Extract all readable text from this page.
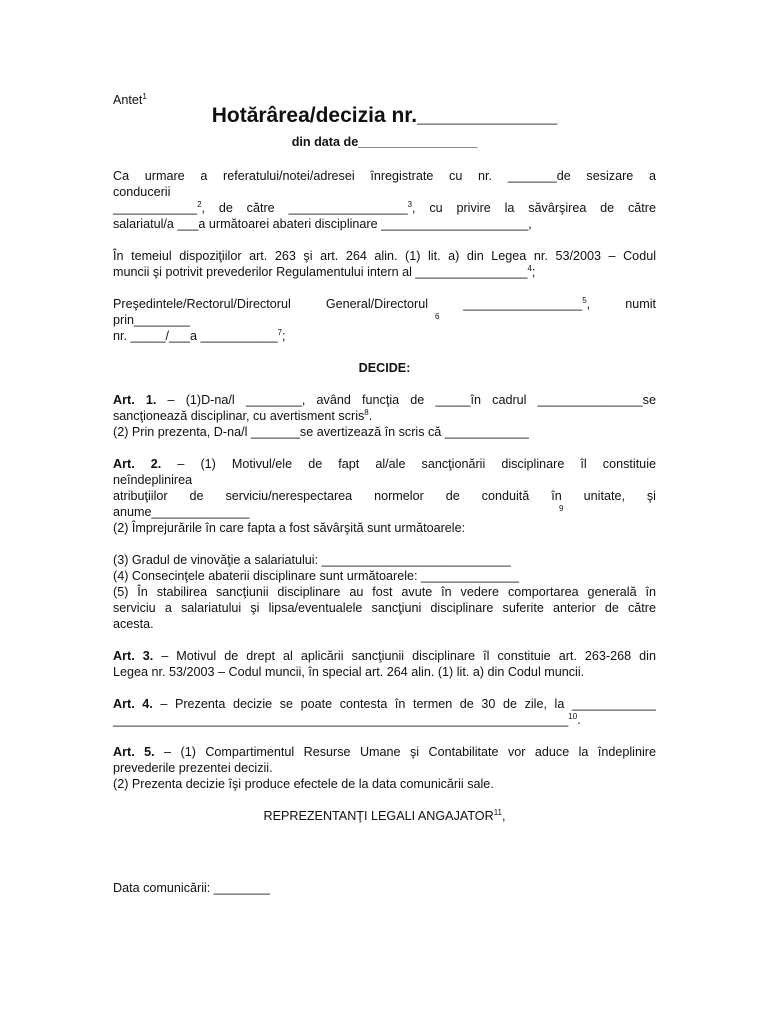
Antet$^1$

Hotărârea/decizia nr.____________

din data de_________________

Ca urmare a referatului/notei/adresei înregistrate cu nr. _______de sesizare a

conducerii

____________$^2$, de către _________________$^3$, cu privire la săvârşirea de către

salariatul/a ___a următoarei abateri disciplinare _____________________,

În temeiul dispoziţiilor art. 263 şi art. 264 alin. (1) lit. a) din Legea nr. 53/2003 – Codul

muncii şi potrivit prevederilor Regulamentului intern al ________________$^4$;

Preşedintele/Rectorul/Directorul General/Directorul _________________$^5$,	numit

prin________	6

nr. _____/___a ___________$^7$;

DECIDE:

Art. 1. – (1)D-na/l ________, având funcţia de _____în cadrul _______________se

sancţionează disciplinar, cu avertisment scris$^8$.

(2) Prin prezenta, D-na/l _______se avertizează în scris că ____________

Art. 2. – (1) Motivul/ele de fapt al/ale sancţionării disciplinare îl constituie

neîndeplinirea

atribuţiilor de serviciu/nerespectarea normelor de conduită în unitate, şi

anume______________	9

(2) Împrejurările în care fapta a fost săvârşită sunt următoarele:

(3) Gradul de vinovăţie a salariatului: ___________________________

(4) Consecinţele abaterii disciplinare sunt următoarele: ______________

(5) În stabilirea sancţiunii disciplinare au fost avute în vedere comportarea generală în

serviciu a salariatului şi lipsa/eventualele sancţiuni disciplinare suferite anterior de către

acesta.

Art. 3. – Motivul de drept al aplicării sancţiunii disciplinare îl constituie art. 263-268 din

Legea nr. 53/2003 – Codul muncii, în special art. 264 alin. (1) lit. a) din Codul muncii.

Art. 4. – Prezenta decizie se poate contesta în termen de 30 de zile, la ____________

_________________________________________________________________$^{10}$.

Art. 5. – (1) Compartimentul Resurse Umane şi Contabilitate vor aduce la îndeplinire

prevederile prezentei decizii.

(2) Prezenta decizie îşi produce efectele de la data comunicării sale.

REPREZENTANŢI LEGALI ANGAJATOR$^{11}$,

Data comunicării: ________
